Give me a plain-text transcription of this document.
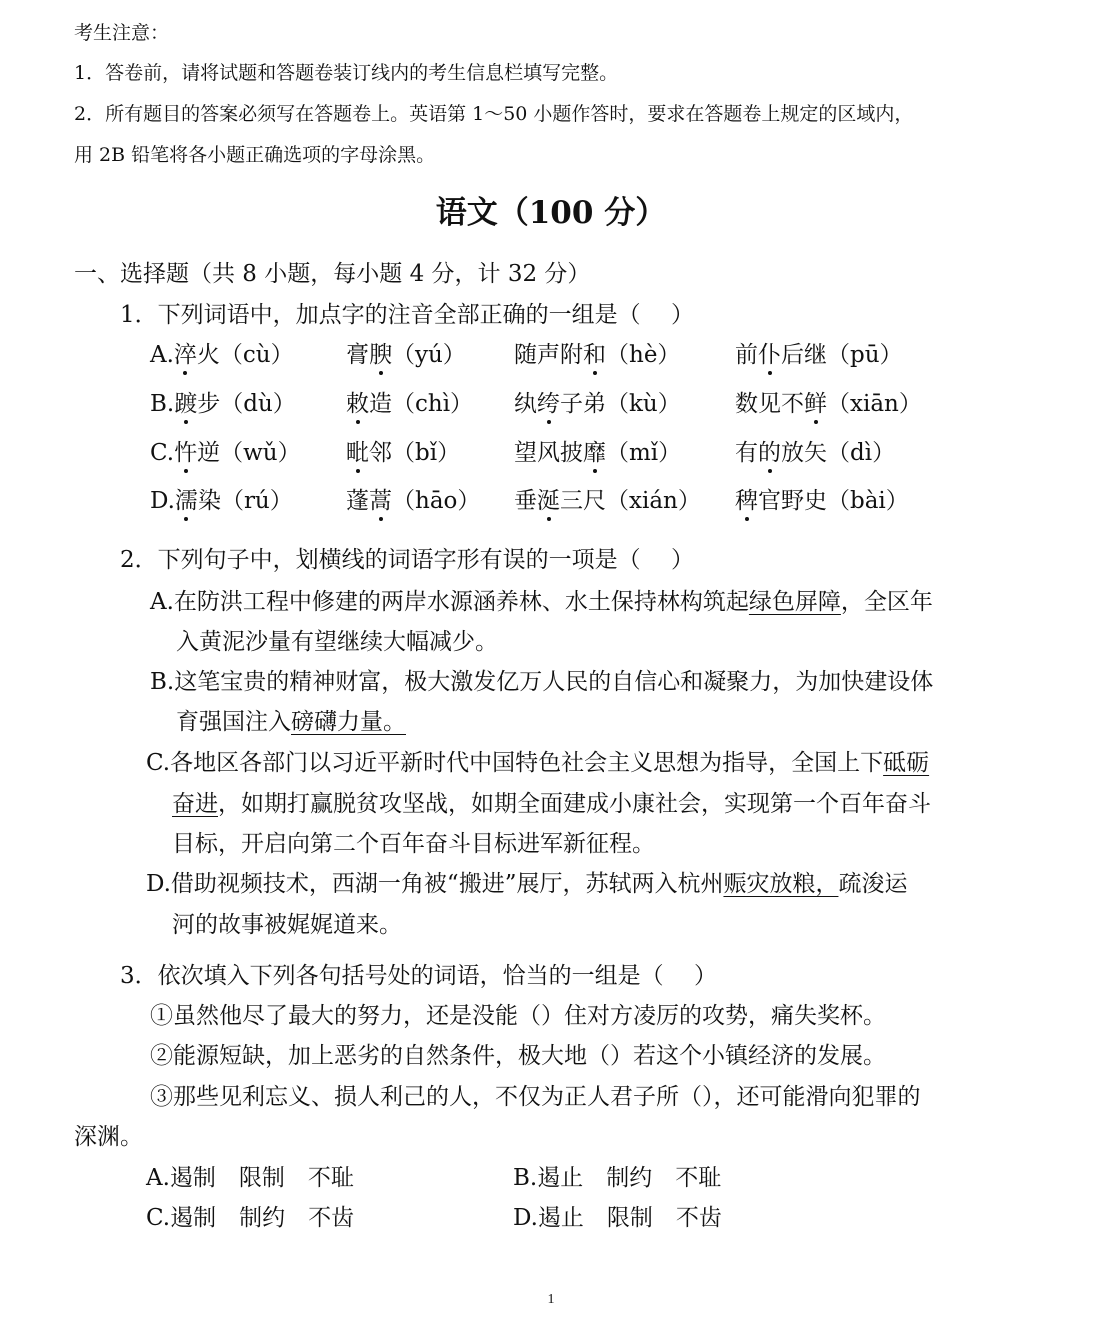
考生注意：
1．答卷前，请将试题和答题卷装订线内的考生信息栏填写完整。
2．所有题目的答案必须写在答题卷上。英语第 1～50 小题作答时，要求在答题卷上规定的区域内，
用 2B 铅笔将各小题正确选项的字母涂黑。
语文（100 分）
一、选择题（共 8 小题，每小题 4 分，计 32 分）
1．下列词语中，加点字的注音全部正确的一组是（　 ）
A.淬火（cù） 膏腴（yú） 随声附和（hè） 前仆后继（pū）
B.踱步（dù） 敕造（chì） 纨绔子弟（kù） 数见不鲜（xiān）
C.忤逆（wǔ） 毗邻（bǐ） 望风披靡（mǐ） 有的放矢（dì）
D.濡染（rú） 蓬蒿（hāo） 垂涎三尺（xián） 稗官野史（bài）
2．下列句子中，划横线的词语字形有误的一项是（　 ）
A.在防洪工程中修建的两岸水源涵养林、水土保持林构筑起绿色屏障，全区年
入黄泥沙量有望继续大幅减少。
B.这笔宝贵的精神财富，极大激发亿万人民的自信心和凝聚力，为加快建设体
育强国注入磅礴力量。
C.各地区各部门以习近平新时代中国特色社会主义思想为指导，全国上下砥砺
奋进，如期打赢脱贫攻坚战，如期全面建成小康社会，实现第一个百年奋斗
目标，开启向第二个百年奋斗目标进军新征程。
D.借助视频技术，西湖一角被“搬进”展厅，苏轼两入杭州赈灾放粮，疏浚运
河的故事被娓娓道来。
3．依次填入下列各句括号处的词语，恰当的一组是（　 ）
①虽然他尽了最大的努力，还是没能（）住对方凌厉的攻势，痛失奖杯。
②能源短缺，加上恶劣的自然条件，极大地（）若这个小镇经济的发展。
③那些见利忘义、损人利己的人，不仅为正人君子所（），还可能滑向犯罪的
深渊。
A.遏制　限制　不耻	B.遏止　制约　不耻
C.遏制　制约　不齿	D.遏止　限制　不齿
1
